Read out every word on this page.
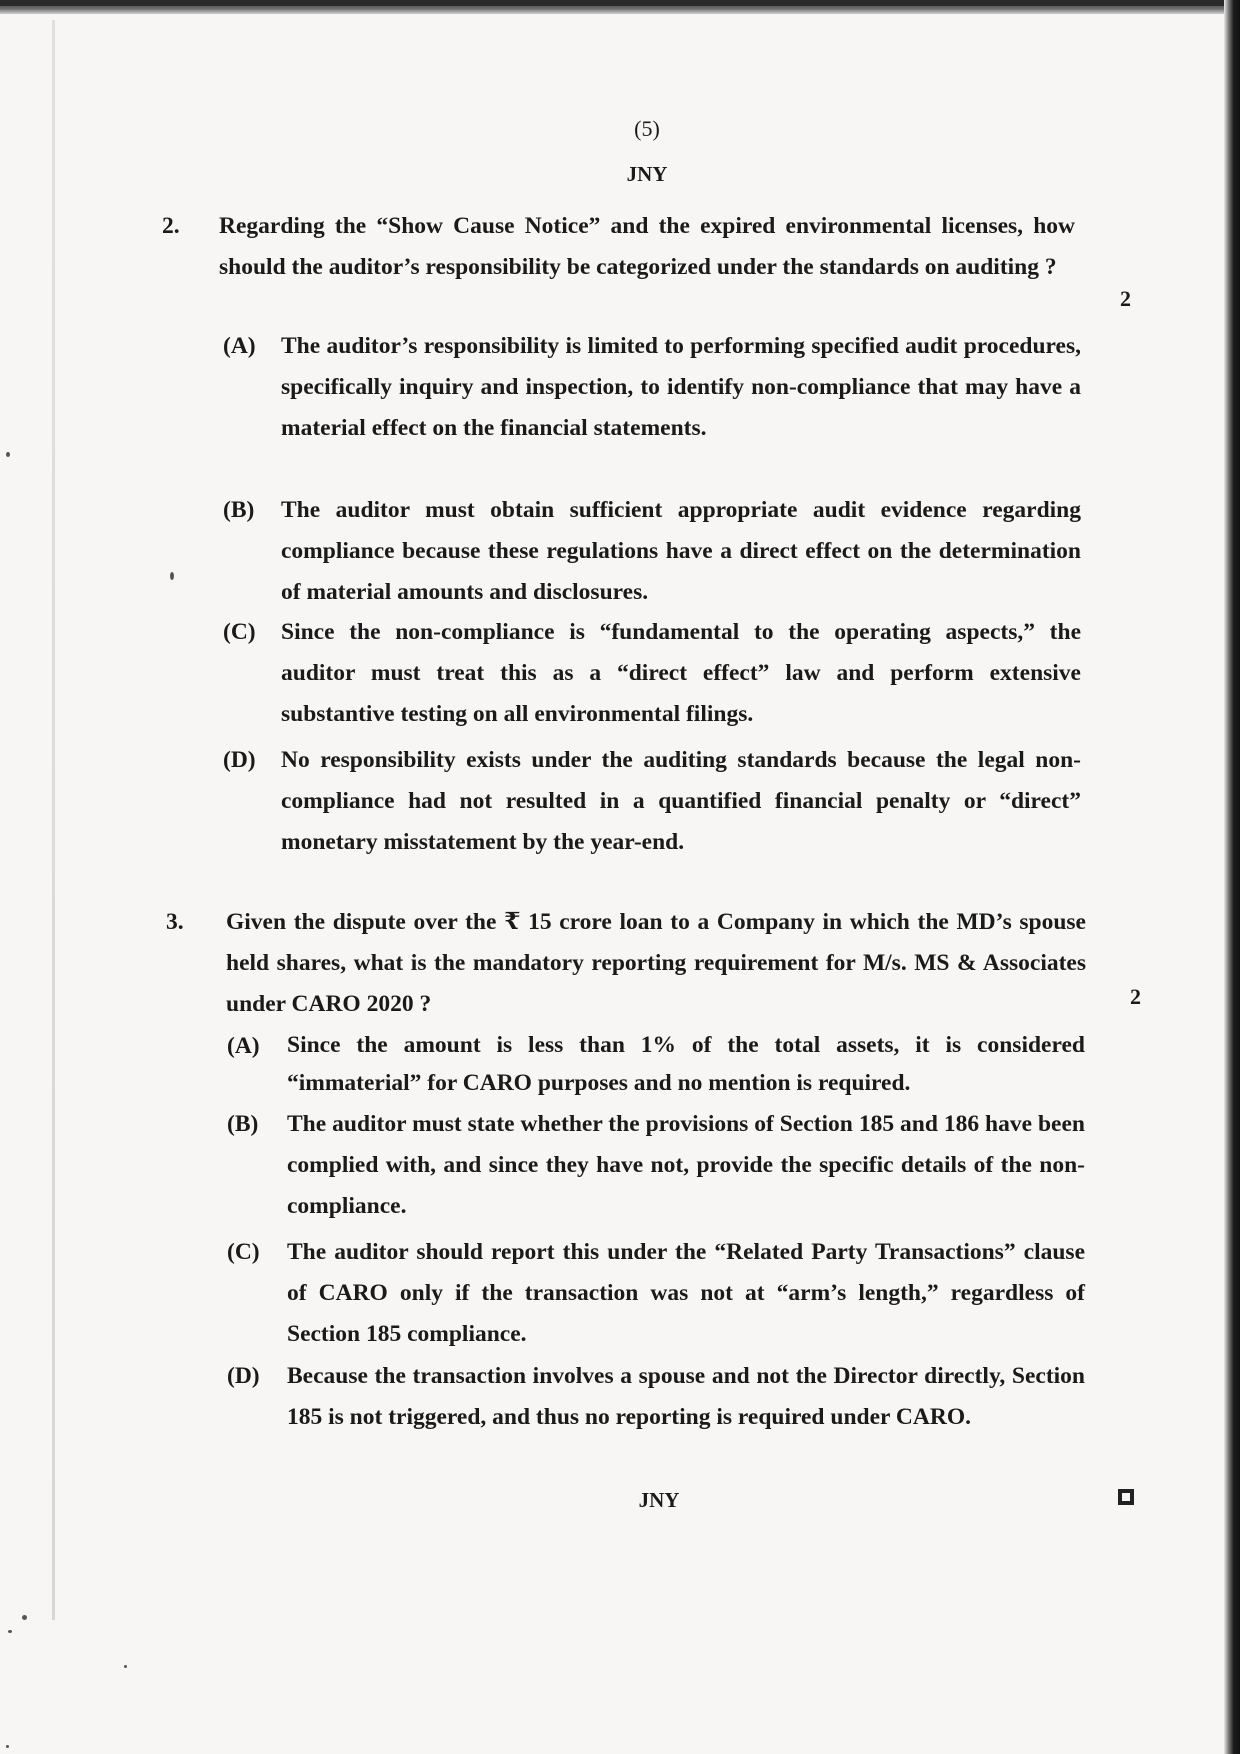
(5)
JNY
2. Regarding the “Show Cause Notice” and the expired environmental licenses, how should the auditor’s responsibility be categorized under the standards on auditing ?
2
(A) The auditor’s responsibility is limited to performing specified audit procedures, specifically inquiry and inspection, to identify non-compliance that may have a material effect on the financial statements.
(B) The auditor must obtain sufficient appropriate audit evidence regarding compliance because these regulations have a direct effect on the determination of material amounts and disclosures.
(C) Since the non-compliance is “fundamental to the operating aspects,” the auditor must treat this as a “direct effect” law and perform extensive substantive testing on all environmental filings.
(D) No responsibility exists under the auditing standards because the legal non-compliance had not resulted in a quantified financial penalty or “direct” monetary misstatement by the year-end.
3. Given the dispute over the ₹ 15 crore loan to a Company in which the MD’s spouse held shares, what is the mandatory reporting requirement for M/s. MS & Associates under CARO 2020 ?	2
(A) Since the amount is less than 1% of the total assets, it is considered “immaterial” for CARO purposes and no mention is required.
(B) The auditor must state whether the provisions of Section 185 and 186 have been complied with, and since they have not, provide the specific details of the non-compliance.
(C) The auditor should report this under the “Related Party Transactions” clause of CARO only if the transaction was not at “arm’s length,” regardless of Section 185 compliance.
(D) Because the transaction involves a spouse and not the Director directly, Section 185 is not triggered, and thus no reporting is required under CARO.
JNY
